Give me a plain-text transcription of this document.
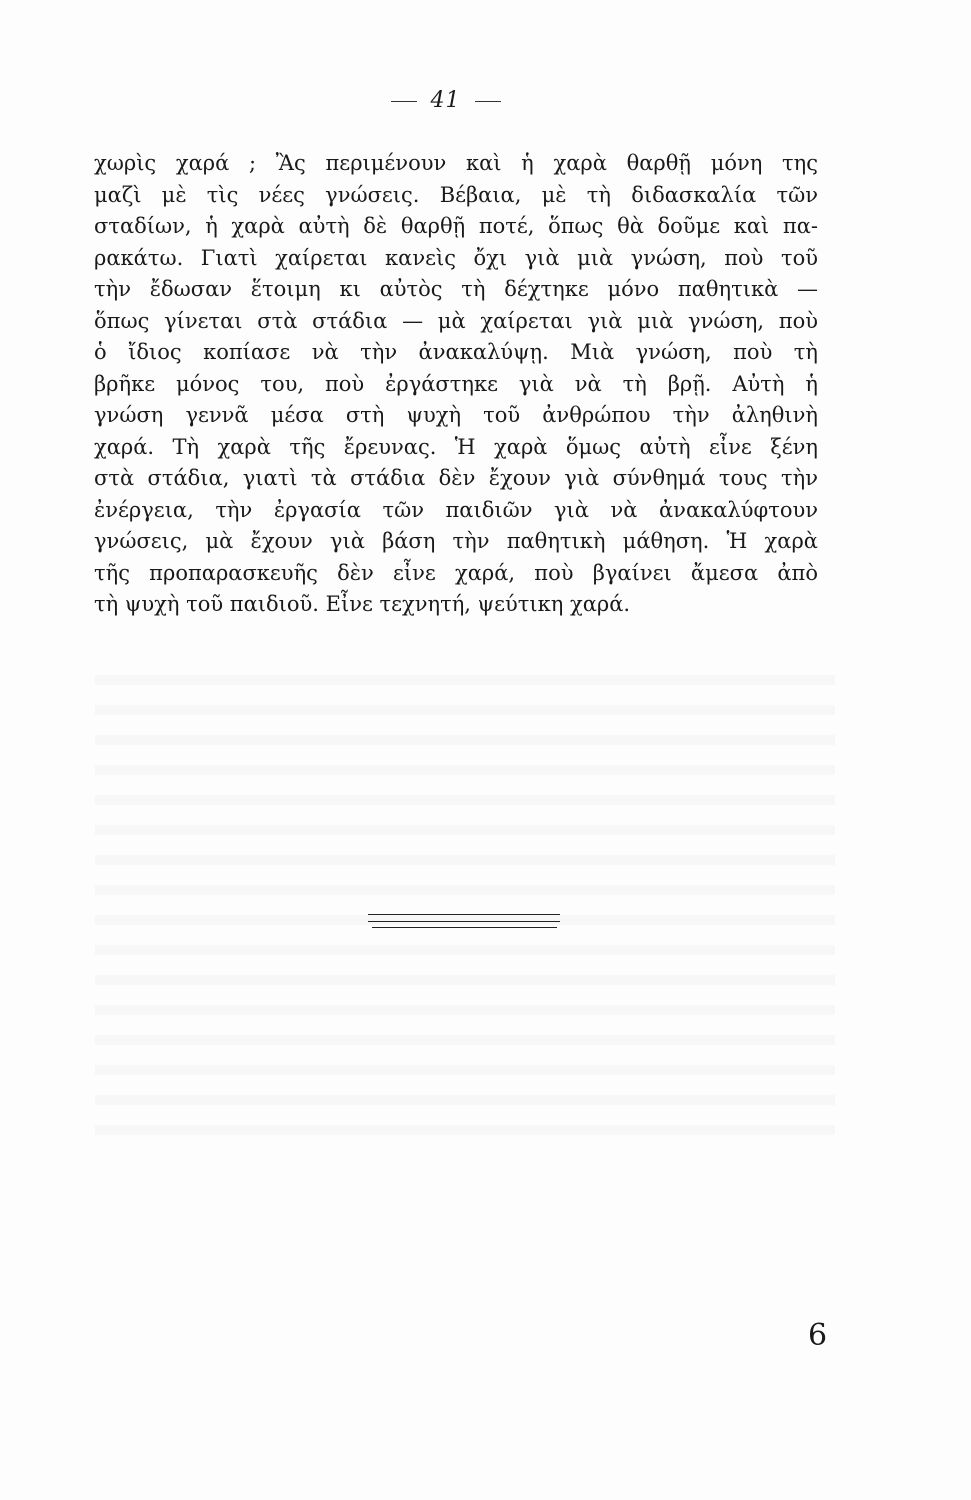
41
χωρὶς χαρά ; Ἂς περιμένουν καὶ ἡ χαρὰ θαρθῇ μόνη της
μαζὶ μὲ τὶς νέες γνώσεις. Βέβαια, μὲ τὴ διδασκαλία τῶν
σταδίων, ἡ χαρὰ αὐτὴ δὲ θαρθῇ ποτέ, ὅπως θὰ δοῦμε καὶ πα-
ρακάτω. Γιατὶ χαίρεται κανεὶς ὄχι γιὰ μιὰ γνώση, ποὺ τοῦ
τὴν ἔδωσαν ἕτοιμη κι αὐτὸς τὴ δέχτηκε μόνο παθητικὰ —
ὅπως γίνεται στὰ στάδια — μὰ χαίρεται γιὰ μιὰ γνώση, ποὺ
ὁ ἴδιος κοπίασε νὰ τὴν ἀνακαλύψῃ. Μιὰ γνώση, ποὺ τὴ
βρῆκε μόνος του, ποὺ ἐργάστηκε γιὰ νὰ τὴ βρῇ. Αὐτὴ ἡ
γνώση γεννᾶ μέσα στὴ ψυχὴ τοῦ ἀνθρώπου τὴν ἀληθινὴ
χαρά. Τὴ χαρὰ τῆς ἔρευνας. Ἡ χαρὰ ὅμως αὐτὴ εἶνε ξένη
στὰ στάδια, γιατὶ τὰ στάδια δὲν ἔχουν γιὰ σύνθημά τους τὴν
ἐνέργεια, τὴν ἐργασία τῶν παιδιῶν γιὰ νὰ ἀνακαλύφτουν
γνώσεις, μὰ ἔχουν γιὰ βάση τὴν παθητικὴ μάθηση. Ἡ χαρὰ
τῆς προπαρασκευῆς δὲν εἶνε χαρά, ποὺ βγαίνει ἄμεσα ἀπὸ
τὴ ψυχὴ τοῦ παιδιοῦ. Εἶνε τεχνητή, ψεύτικη χαρά.
6
